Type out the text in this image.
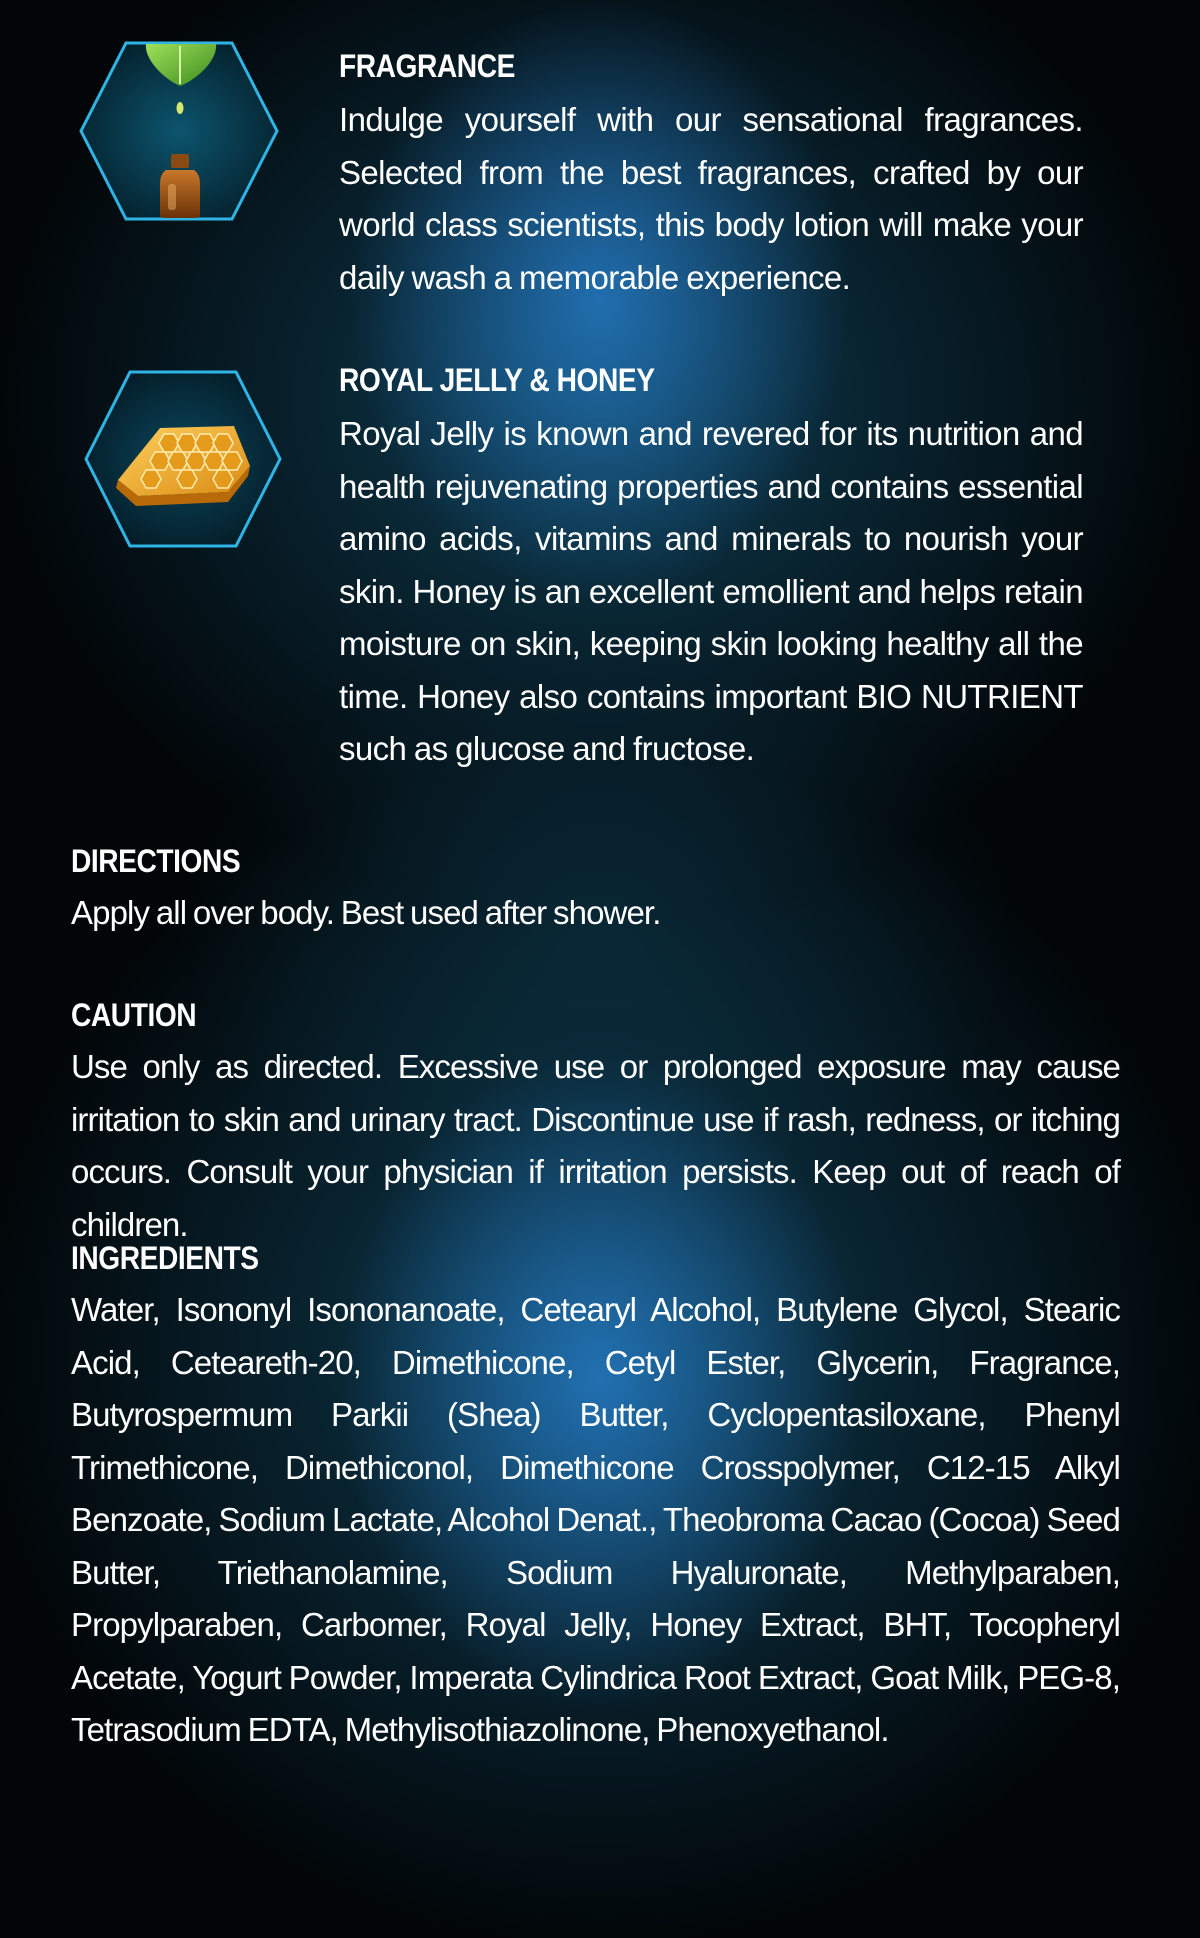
FRAGRANCE

Indulge yourself with our sensational fragrances. Selected from the best fragrances, crafted by our world class scientists, this body lotion will make your daily wash a memorable experience.

ROYAL JELLY & HONEY

Royal Jelly is known and revered for its nutrition and health rejuvenating properties and contains essential amino acids, vitamins and minerals to nourish your skin. Honey is an excellent emollient and helps retain moisture on skin, keeping skin looking healthy all the time. Honey also contains important BIO NUTRIENT such as glucose and fructose.

DIRECTIONS

Apply all over body. Best used after shower.

CAUTION

Use only as directed. Excessive use or prolonged exposure may cause irritation to skin and urinary tract. Discontinue use if rash, redness, or itching occurs. Consult your physician if irritation persists. Keep out of reach of children.

INGREDIENTS

Water, Isononyl Isononanoate, Cetearyl Alcohol, Butylene Glycol, Stearic Acid, Ceteareth-20, Dimethicone, Cetyl Ester, Glycerin, Fragrance, Butyrospermum Parkii (Shea) Butter, Cyclopentasiloxane, Phenyl Trimethicone, Dimethiconol, Dimethicone Crosspolymer, C12-15 Alkyl Benzoate, Sodium Lactate, Alcohol Denat., Theobroma Cacao (Cocoa) Seed Butter, Triethanolamine, Sodium Hyaluronate, Methylparaben, Propylparaben, Carbomer, Royal Jelly, Honey Extract, BHT, Tocopheryl Acetate, Yogurt Powder, Imperata Cylindrica Root Extract, Goat Milk, PEG-8, Tetrasodium EDTA, Methylisothiazolinone, Phenoxyethanol.
